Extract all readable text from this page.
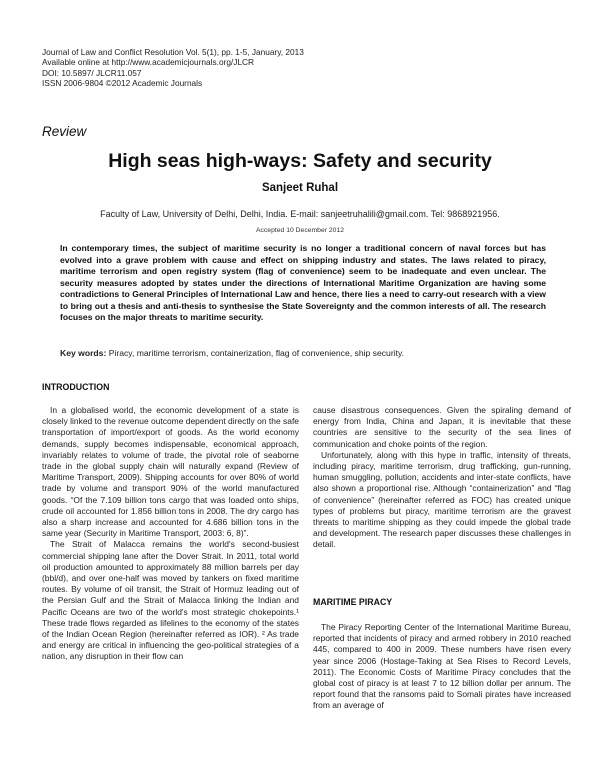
Journal of Law and Conflict Resolution Vol. 5(1), pp. 1-5, January, 2013
Available online at http://www.academicjournals.org/JLCR
DOI: 10.5897/ JLCR11.057
ISSN 2006-9804 ©2012 Academic Journals
Review
High seas high-ways: Safety and security
Sanjeet Ruhal
Faculty of Law, University of Delhi, Delhi, India. E-mail: sanjeetruhalili@gmail.com. Tel: 9868921956.
Accepted 10 December 2012

In contemporary times, the subject of maritime security is no longer a traditional concern of naval forces but has evolved into a grave problem with cause and effect on shipping industry and states. The laws related to piracy, maritime terrorism and open registry system (flag of convenience) seem to be inadequate and even unclear. The security measures adopted by states under the directions of International Maritime Organization are having some contradictions to General Principles of International Law and hence, there lies a need to carry-out research with a view to bring out a thesis and anti-thesis to synthesise the State Sovereignty and the common interests of all. The research focuses on the major threats to maritime security.

Key words: Piracy, maritime terrorism, containerization, flag of convenience, ship security.
INTRODUCTION

In a globalised world, the economic development of a state is closely linked to the revenue outcome dependent directly on the safe transportation of import/export of goods. As the world economy demands, supply becomes indispensable, economical approach, invariably relates to volume of trade, the pivotal role of seaborne trade in the global supply chain will naturally expand (Review of Maritime Transport, 2009). Shipping accounts for over 80% of world trade by volume and transport 90% of the world manufactured goods. “Of the 7.109 billion tons cargo that was loaded onto ships, crude oil accounted for 1.856 billion tons in 2008. The dry cargo has also a sharp increase and accounted for 4.686 billion tons in the same year (Security in Maritime Transport, 2003: 6, 8)”.

The Strait of Malacca remains the world's second-busiest commercial shipping lane after the Dover Strait. In 2011, total world oil production amounted to approximately 88 million barrels per day (bbl/d), and over one-half was moved by tankers on fixed maritime routes. By volume of oil transit, the Strait of Hormuz leading out of the Persian Gulf and the Strait of Malacca linking the Indian and Pacific Oceans are two of the world's most strategic chokepoints.¹ These trade flows regarded as lifelines to the economy of the states of the Indian Ocean Region (hereinafter referred as IOR). ² As trade and energy are critical in influencing the geo-political strategies of a nation, any disruption in their flow can

cause disastrous consequences. Given the spiraling demand of energy from India, China and Japan, it is inevitable that these countries are sensitive to the security of the sea lines of communication and choke points of the region.

Unfortunately, along with this hype in traffic, intensity of threats, including piracy, maritime terrorism, drug trafficking, gun-running, human smuggling, pollution, accidents and inter-state conflicts, have also shown a proportional rise. Although “containerization” and “flag of convenience” (hereinafter referred as FOC) has created unique types of problems but piracy, maritime terrorism are the gravest threats to maritime shipping as they could impede the global trade and development. The research paper discusses these challenges in detail.

MARITIME PIRACY

The Piracy Reporting Center of the International Maritime Bureau, reported that incidents of piracy and armed robbery in 2010 reached 445, compared to 400 in 2009. These numbers have risen every year since 2006 (Hostage-Taking at Sea Rises to Record Levels, 2011). The Economic Costs of Maritime Piracy concludes that the global cost of piracy is at least 7 to 12 billion dollar per annum. The report found that the ransoms paid to Somali pirates have increased from an average of
